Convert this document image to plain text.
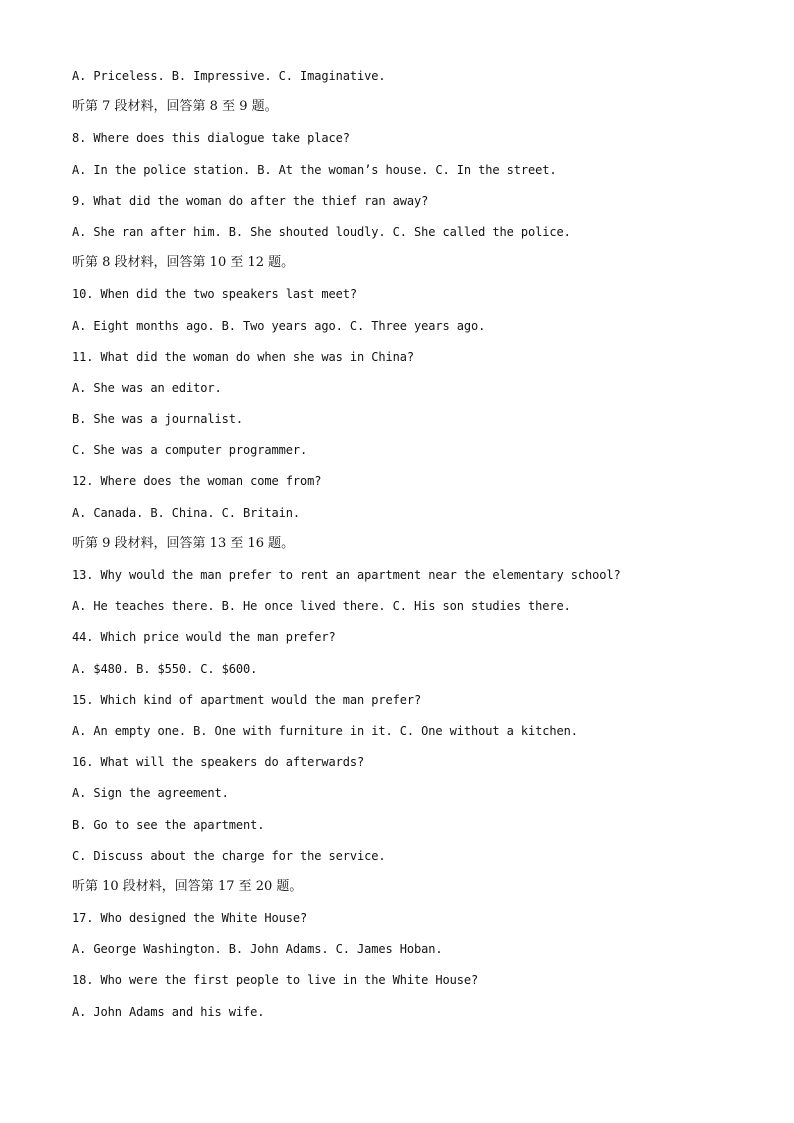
A. Priceless. B. Impressive. C. Imaginative.
听第 7 段材料，回答第 8 至 9 题。
8. Where does this dialogue take place?
A. In the police station. B. At the woman’s house. C. In the street.
9. What did the woman do after the thief ran away?
A. She ran after him. B. She shouted loudly. C. She called the police.
听第 8 段材料，回答第 10 至 12 题。
10. When did the two speakers last meet?
A. Eight months ago. B. Two years ago. C. Three years ago.
11. What did the woman do when she was in China?
A. She was an editor.
B. She was a journalist.
C. She was a computer programmer.
12. Where does the woman come from?
A. Canada. B. China. C. Britain.
听第 9 段材料，回答第 13 至 16 题。
13. Why would the man prefer to rent an apartment near the elementary school?
A. He teaches there. B. He once lived there. C. His son studies there.
44. Which price would the man prefer?
A. $480. B. $550. C. $600.
15. Which kind of apartment would the man prefer?
A. An empty one. B. One with furniture in it. C. One without a kitchen.
16. What will the speakers do afterwards?
A. Sign the agreement.
B. Go to see the apartment.
C. Discuss about the charge for the service.
听第 10 段材料，回答第 17 至 20 题。
17. Who designed the White House?
A. George Washington. B. John Adams. C. James Hoban.
18. Who were the first people to live in the White House?
A. John Adams and his wife.
